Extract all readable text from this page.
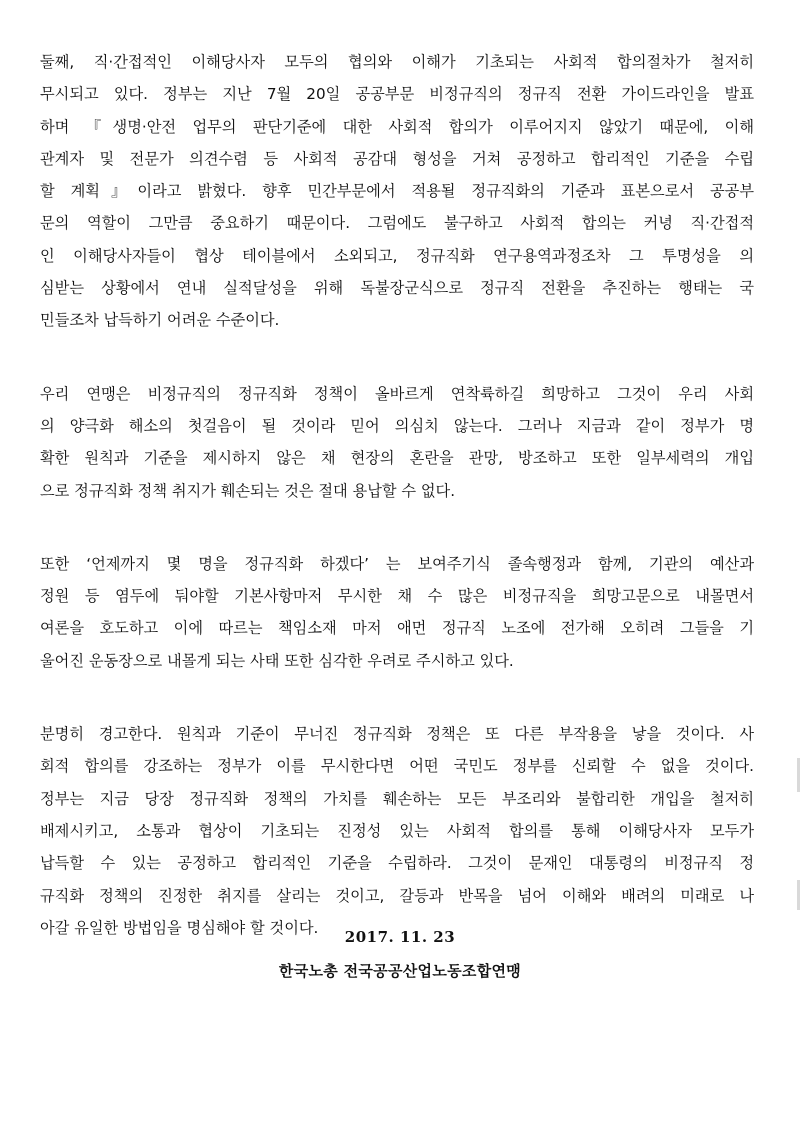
둘째, 직·간접적인 이해당사자 모두의 협의와 이해가 기초되는 사회적 합의절차가 철저히
무시되고 있다. 정부는 지난 7월 20일 공공부문 비정규직의 정규직 전환 가이드라인을 발표
하며 『생명·안전 업무의 판단기준에 대한 사회적 합의가 이루어지지 않았기 때문에, 이해
관계자 및 전문가 의견수렴 등 사회적 공감대 형성을 거쳐 공정하고 합리적인 기준을 수립
할 계획』이라고 밝혔다. 향후 민간부문에서 적용될 정규직화의 기준과 표본으로서 공공부
문의 역할이 그만큼 중요하기 때문이다. 그럼에도 불구하고 사회적 합의는 커녕 직·간접적
인 이해당사자들이 협상 테이블에서 소외되고, 정규직화 연구용역과정조차 그 투명성을 의
심받는 상황에서 연내 실적달성을 위해 독불장군식으로 정규직 전환을 추진하는 행태는 국
민들조차 납득하기 어려운 수준이다.
우리 연맹은 비정규직의 정규직화 정책이 올바르게 연착륙하길 희망하고 그것이 우리 사회
의 양극화 해소의 첫걸음이 될 것이라 믿어 의심치 않는다. 그러나 지금과 같이 정부가 명
확한 원칙과 기준을 제시하지 않은 채 현장의 혼란을 관망, 방조하고 또한 일부세력의 개입
으로 정규직화 정책 취지가 훼손되는 것은 절대 용납할 수 없다.
또한 ‘언제까지 몇 명을 정규직화 하겠다’ 는 보여주기식 졸속행정과 함께, 기관의 예산과
정원 등 염두에 둬야할 기본사항마저 무시한 채 수 많은 비정규직을 희망고문으로 내몰면서
여론을 호도하고 이에 따르는 책임소재 마저 애먼 정규직 노조에 전가해 오히려 그들을 기
울어진 운동장으로 내몰게 되는 사태 또한 심각한 우려로 주시하고 있다.
분명히 경고한다. 원칙과 기준이 무너진 정규직화 정책은 또 다른 부작용을 낳을 것이다. 사
회적 합의를 강조하는 정부가 이를 무시한다면 어떤 국민도 정부를 신뢰할 수 없을 것이다.
정부는 지금 당장 정규직화 정책의 가치를 훼손하는 모든 부조리와 불합리한 개입을 철저히
배제시키고, 소통과 협상이 기초되는 진정성 있는 사회적 합의를 통해 이해당사자 모두가
납득할 수 있는 공정하고 합리적인 기준을 수립하라. 그것이 문재인 대통령의 비정규직 정
규직화 정책의 진정한 취지를 살리는 것이고, 갈등과 반목을 넘어 이해와 배려의 미래로 나
아갈 유일한 방법임을 명심해야 할 것이다.
2017. 11. 23
한국노총 전국공공산업노동조합연맹
